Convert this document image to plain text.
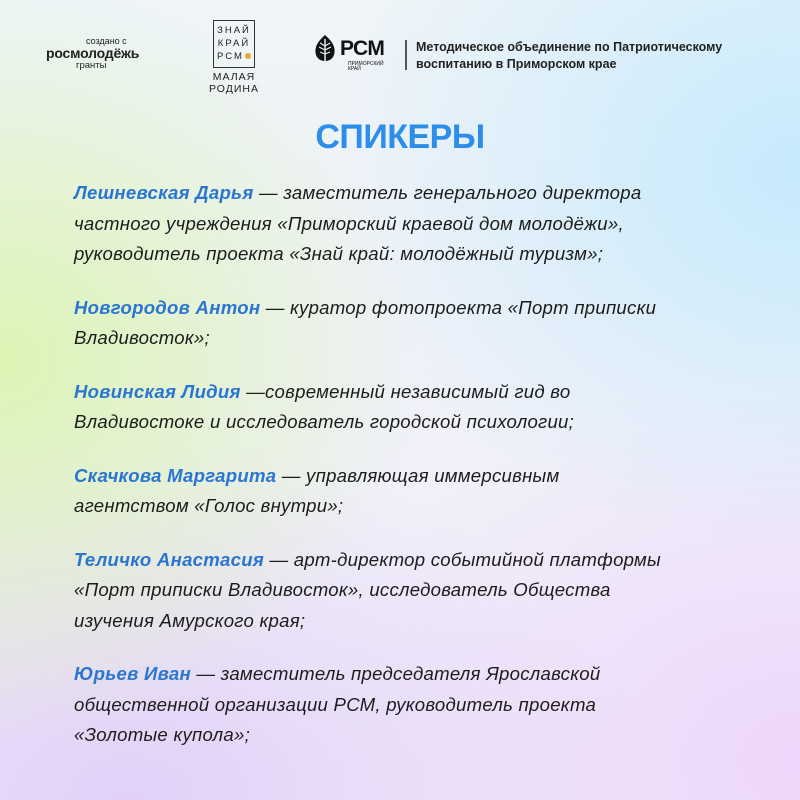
создано с
росмолодёжь
гранты
ЗНАЙ
КРАЙ
РСМ
МАЛАЯ
РОДИНА
РСМ
ПРИМОРСКИЙ КРАЙ
Методическое объединение по Патриотическому
воспитанию в Приморском крае
СПИКЕРЫ
Лешневская Дарья — заместитель генерального директора
частного учреждения «Приморский краевой дом молодёжи»,
руководитель проекта «Знай край: молодёжный туризм»;
Новгородов Антон — куратор фотопроекта «Порт приписки
Владивосток»;
Новинская Лидия —современный независимый гид во
Владивостоке и исследователь городской психологии;
Скачкова Маргарита — управляющая иммерсивным
агентством «Голос внутри»;
Теличко Анастасия — арт-директор событийной платформы
«Порт приписки Владивосток», исследователь Общества
изучения Амурского края;
Юрьев Иван — заместитель председателя Ярославской
общественной организации РСМ, руководитель проекта
«Золотые купола»;
